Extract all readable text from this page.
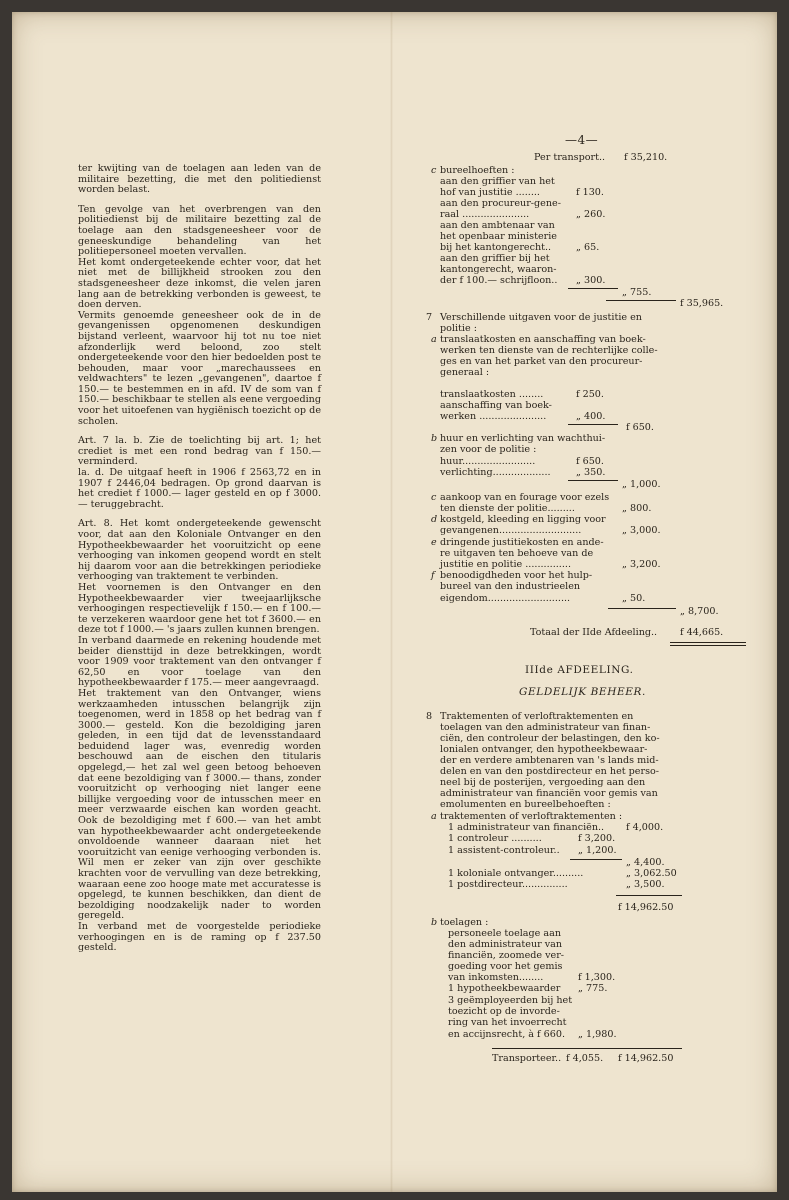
—4—

ter kwijting van de toelagen aan leden van de militaire bezetting, die met den politiedienst worden belast.

Ten gevolge van het overbrengen van den politiedienst bij de militaire bezetting zal de toelage aan den stadsgeneesheer voor de geneeskundige behandeling van het politiepersoneel moeten vervallen.

Het komt ondergeteekende echter voor, dat het niet met de billijkheid strooken zou den stadsgeneesheer deze inkomst, die velen jaren lang aan de betrekking verbonden is geweest, te doen derven.

Vermits genoemde geneesheer ook de in de gevangenissen opgenomenen deskundigen bijstand verleent, waarvoor hij tot nu toe niet afzonderlijk werd beloond, zoo stelt ondergeteekende voor den hier bedoelden post te behouden, maar voor „marechaussees en veldwachters" te lezen „gevangenen", daartoe f 150.— te bestemmen en in afd. IV de som van f 150.— beschikbaar te stellen als eene vergoeding voor het uitoefenen van hygiënisch toezicht op de scholen.

Art. 7 la. b. Zie de toelichting bij art. 1; het crediet is met een rond bedrag van f 150.— verminderd.

la. d. De uitgaaf heeft in 1906 f 2563,72 en in 1907 f 2446,04 bedragen. Op grond daarvan is het crediet f 1000.— lager gesteld en op f 3000.— teruggebracht.

Art. 8. Het komt ondergeteekende gewenscht voor, dat aan den Koloniale Ontvanger en den Hypotheekbewaarder het vooruitzicht op eene verhooging van inkomen geopend wordt en stelt hij daarom voor aan die betrekkingen periodieke verhooging van traktement te verbinden.

Het voornemen is den Ontvanger en den Hypotheekbewaarder vier tweejaarlijksche verhoogingen respectievelijk f 150.— en f 100.— te verzekeren waardoor gene het tot f 3600.— en deze tot f 1000.— 's jaars zullen kunnen brengen.

In verband daarmede en rekening houdende met beider diensttijd in deze betrekkingen, wordt voor 1909 voor traktement van den ontvanger f 62,50 en voor toelage van den hypotheekbewaarder f 175.— meer aangevraagd.

Het traktement van den Ontvanger, wiens werkzaamheden intusschen belangrijk zijn toegenomen, werd in 1858 op het bedrag van f 3000.— gesteld. Kon die bezoldiging jaren geleden, in een tijd dat de levensstandaard beduidend lager was, evenredig worden beschouwd aan de eischen den titularis opgelegd,— het zal wel geen betoog behoeven dat eene bezoldiging van f 3000.— thans, zonder vooruitzicht op verhooging niet langer eene billijke vergoeding voor de intusschen meer en meer verzwaarde eischen kan worden geacht. Ook de bezoldiging met f 600.— van het ambt van hypotheekbewaarder acht ondergeteekende onvoldoende wanneer daaraan niet het vooruitzicht van eenige verhooging verbonden is. Wil men er zeker van zijn over geschikte krachten voor de vervulling van deze betrekking, waaraan eene zoo hooge mate met accuratesse is opgelegd, te kunnen beschikken, dan dient de bezoldiging noodzakelijk nader to worden geregeld.

In verband met de voorgestelde periodieke verhoogingen en is de raming op f 237.50 gesteld.

Per transport.. f 35,210.
c bureelhoeften :
aan den griffier van het
hof van justitie ........	f 130.
aan den procureur-gene-
raal ......................	„ 260.
aan den ambtenaar van
het openbaar ministerie
bij het kantongerecht..	„ 65.
aan den griffier bij het
kantongerecht, waaron-
der f 100.— schrijfloon.. „ 300.
„ 755.
f 35,965.
7 Verschillende uitgaven voor de justitie en
politie :
a translaatkosten en aanschaffing van boek-
werken ten dienste van de rechterlijke colle-
ges en van het parket van den procureur-
generaal :
translaatkosten ........	f 250.
aanschaffing van boek-
werken ......................	„ 400.
f 650.
b huur en verlichting van wachthui-
zen voor de politie :
huur........................	f 650.
verlichting...................	„ 350.
„ 1,000.
c aankoop van en fourage voor ezels
ten dienste der politie.........	„ 800.
d kostgeld, kleeding en ligging voor
gevangenen...........................	„ 3,000.
e dringende justitiekosten en ande-
re uitgaven ten behoeve van de
justitie en politie ...............	„ 3,200.
f benoodigdheden voor het hulp-
bureel van den industrieelen
eigendom...........................	„ 50.
„ 8,700.
Totaal der IIde Afdeeling.. f 44,665.
IIIde AFDEELING.
GELDELIJK BEHEER.
8 Traktementen of verloftraktementen en
toelagen van den administrateur van finan-
ciën, den controleur der belastingen, den ko-
lonialen ontvanger, den hypotheekbewaar-
der en verdere ambtenaren van 's lands mid-
delen en van den postdirecteur en het perso-
neel bij de posterijen, vergoeding aan den
administrateur van financiën voor gemis van
emolumenten en bureelbehoeften :
a traktementen of verloftraktementen :
1 administrateur van financiën.. f 4,000.
1 controleur ..........	f 3,200.
1 assistent-controleur.. „ 1,200.
„ 4,400.
1 koloniale ontvanger..........	„ 3,062.50
1 postdirecteur...............	„ 3,500.
f 14,962.50
b toelagen :
personeele toelage aan
den administrateur van
financiën, zoomede ver-
goeding voor het gemis
van inkomsten........	f 1,300.
1 hypotheekbewaarder „ 775.
3 geëmployeerden bij het
toezicht op de invorde-
ring van het invoerrecht
en accijnsrecht, à f 660. „ 1,980.
Transporteer.. f 4,055. f 14,962.50
